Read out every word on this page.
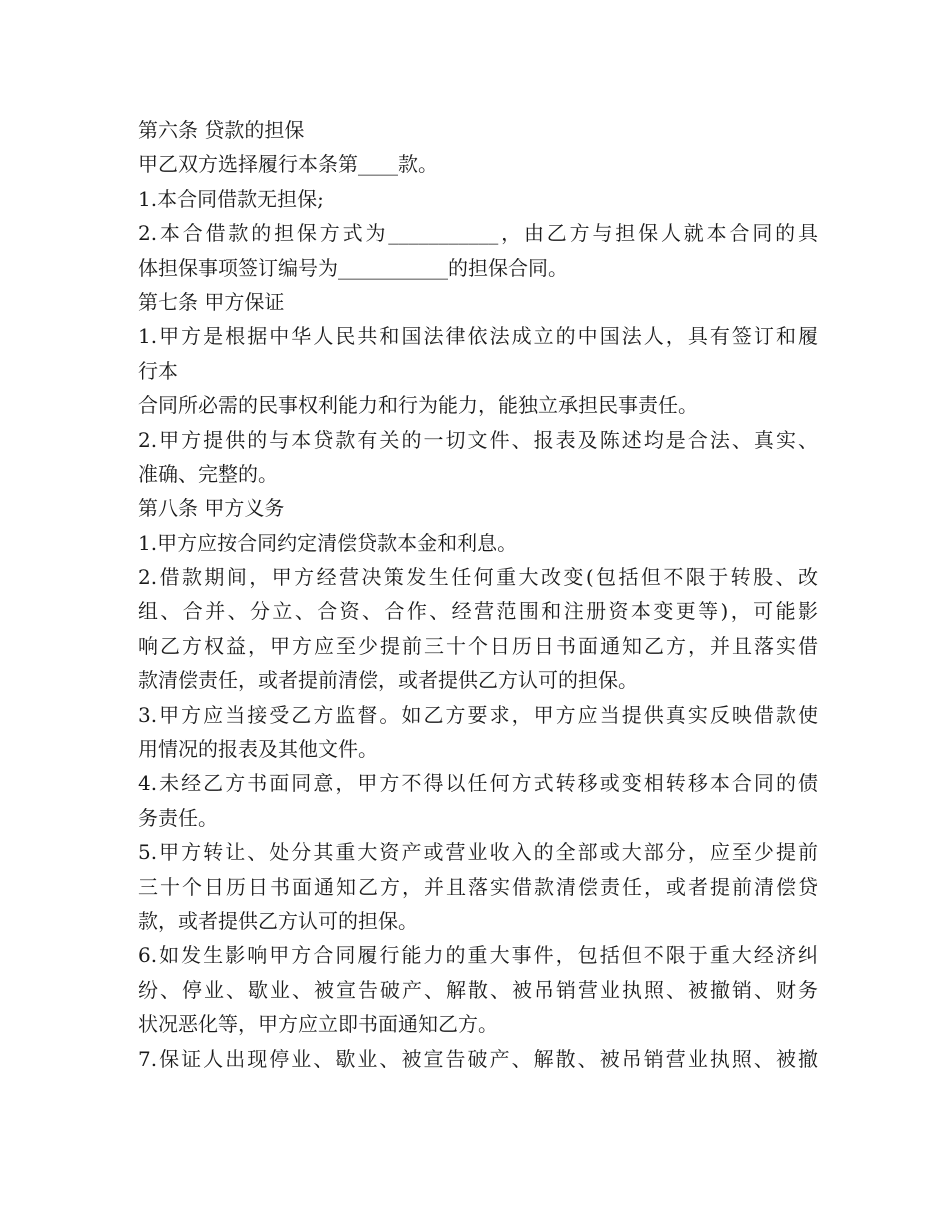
第六条 贷款的担保
甲乙双方选择履行本条第____款。
1.本合同借款无担保;
2.本合借款的担保方式为___________，由乙方与担保人就本合同的具
体担保事项签订编号为___________的担保合同。
第七条 甲方保证
1.甲方是根据中华人民共和国法律依法成立的中国法人，具有签订和履
行本
合同所必需的民事权利能力和行为能力，能独立承担民事责任。
2.甲方提供的与本贷款有关的一切文件、报表及陈述均是合法、真实、
准确、完整的。
第八条 甲方义务
1.甲方应按合同约定清偿贷款本金和利息。
2.借款期间，甲方经营决策发生任何重大改变(包括但不限于转股、改
组、合并、分立、合资、合作、经营范围和注册资本变更等)，可能影
响乙方权益，甲方应至少提前三十个日历日书面通知乙方，并且落实借
款清偿责任，或者提前清偿，或者提供乙方认可的担保。
3.甲方应当接受乙方监督。如乙方要求，甲方应当提供真实反映借款使
用情况的报表及其他文件。
4.未经乙方书面同意，甲方不得以任何方式转移或变相转移本合同的债
务责任。
5.甲方转让、处分其重大资产或营业收入的全部或大部分，应至少提前
三十个日历日书面通知乙方，并且落实借款清偿责任，或者提前清偿贷
款，或者提供乙方认可的担保。
6.如发生影响甲方合同履行能力的重大事件，包括但不限于重大经济纠
纷、停业、歇业、被宣告破产、解散、被吊销营业执照、被撤销、财务
状况恶化等，甲方应立即书面通知乙方。
7.保证人出现停业、歇业、被宣告破产、解散、被吊销营业执照、被撤
